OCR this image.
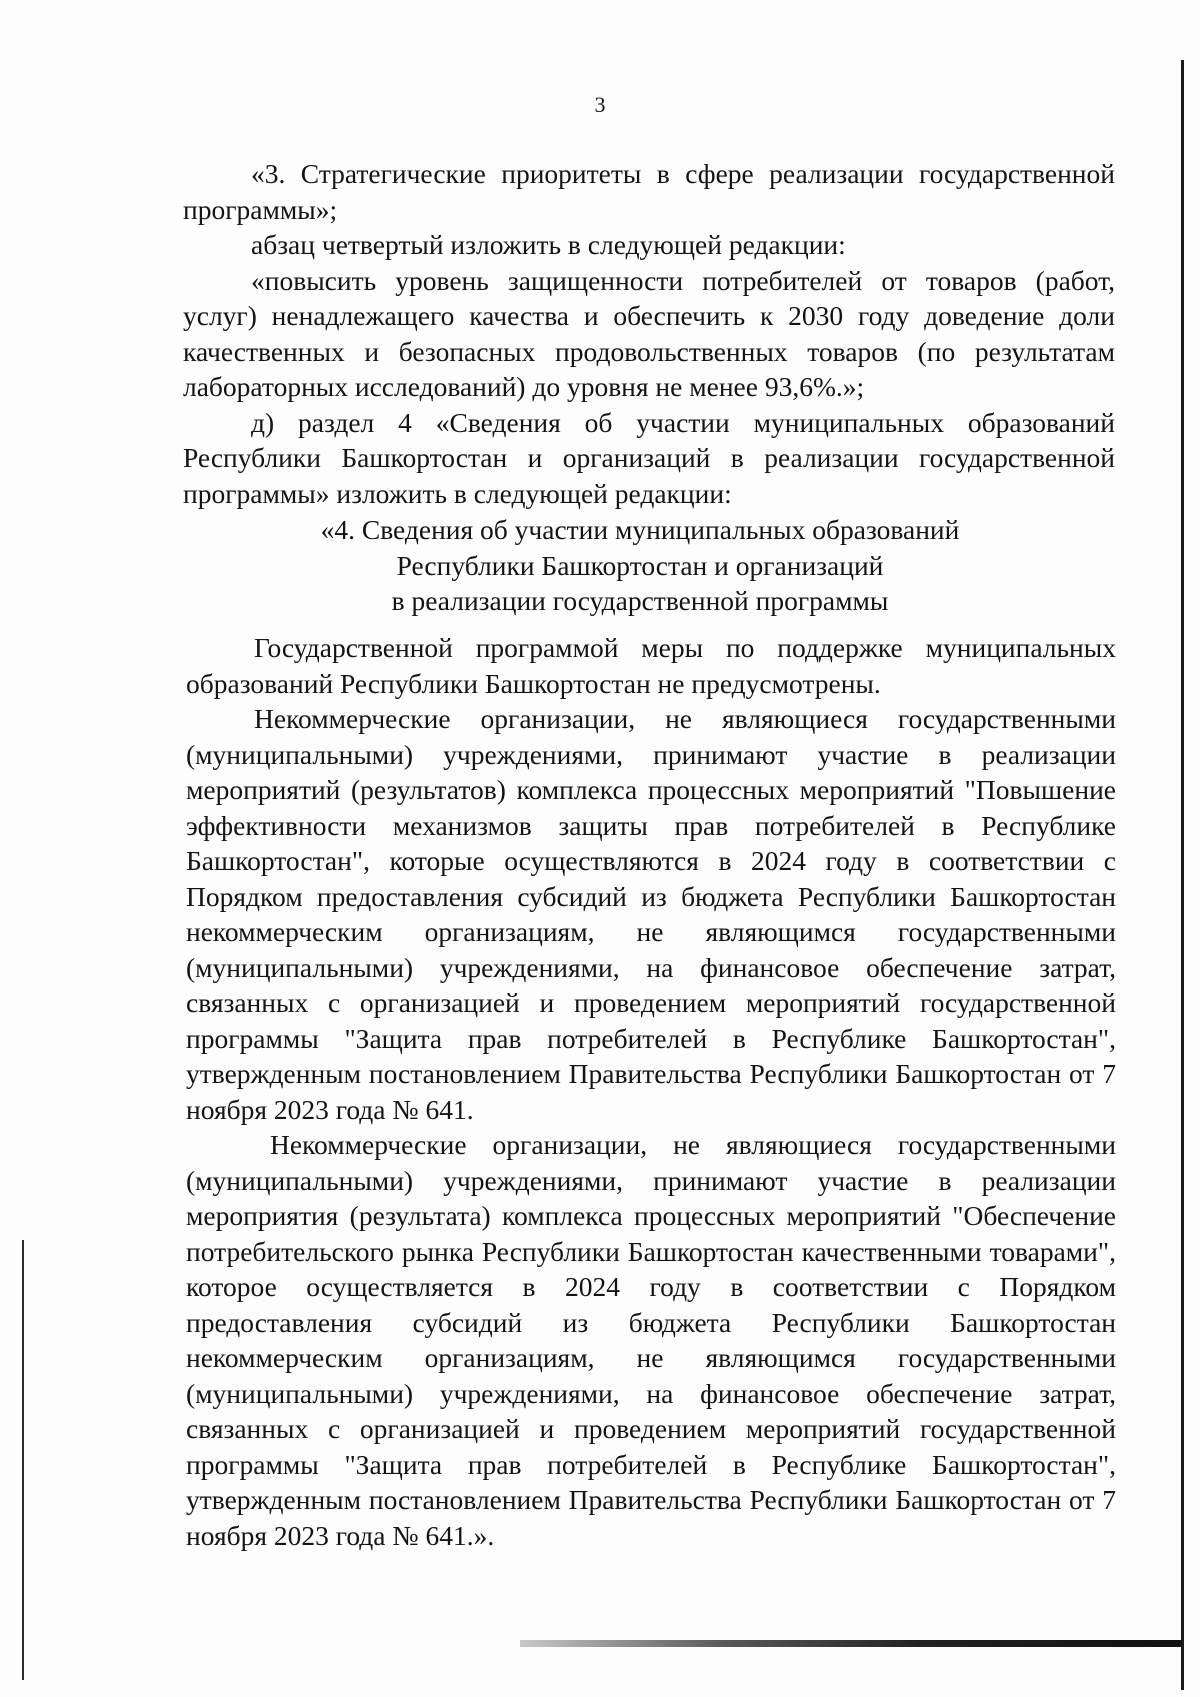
3

«3. Стратегические приоритеты в сфере реализации государственной программы»;

абзац четвертый изложить в следующей редакции:

«повысить уровень защищенности потребителей от товаров (работ, услуг) ненадлежащего качества и обеспечить к 2030 году доведение доли качественных и безопасных продовольственных товаров (по результатам лабораторных исследований) до уровня не менее 93,6%.»;

д) раздел 4 «Сведения об участии муниципальных образований Республики Башкортостан и организаций в реализации государственной программы» изложить в следующей редакции:

«4. Сведения об участии муниципальных образований
Республики Башкортостан и организаций
в реализации государственной программы

Государственной программой меры по поддержке муниципальных образований Республики Башкортостан не предусмотрены.

Некоммерческие организации, не являющиеся государственными (муниципальными) учреждениями, принимают участие в реализации мероприятий (результатов) комплекса процессных мероприятий "Повышение эффективности механизмов защиты прав потребителей в Республике Башкортостан", которые осуществляются в 2024 году в соответствии с Порядком предоставления субсидий из бюджета Республики Башкортостан некоммерческим организациям, не являющимся государственными (муниципальными) учреждениями, на финансовое обеспечение затрат, связанных с организацией и проведением мероприятий государственной программы "Защита прав потребителей в Республике Башкортостан", утвержденным постановлением Правительства Республики Башкортостан от 7 ноября 2023 года № 641.

Некоммерческие организации, не являющиеся государственными (муниципальными) учреждениями, принимают участие в реализации мероприятия (результата) комплекса процессных мероприятий "Обеспечение потребительского рынка Республики Башкортостан качественными товарами", которое осуществляется в 2024 году в соответствии с Порядком предоставления субсидий из бюджета Республики Башкортостан некоммерческим организациям, не являющимся государственными (муниципальными) учреждениями, на финансовое обеспечение затрат, связанных с организацией и проведением мероприятий государственной программы "Защита прав потребителей в Республике Башкортостан", утвержденным постановлением Правительства Республики Башкортостан от 7 ноября 2023 года № 641.».
